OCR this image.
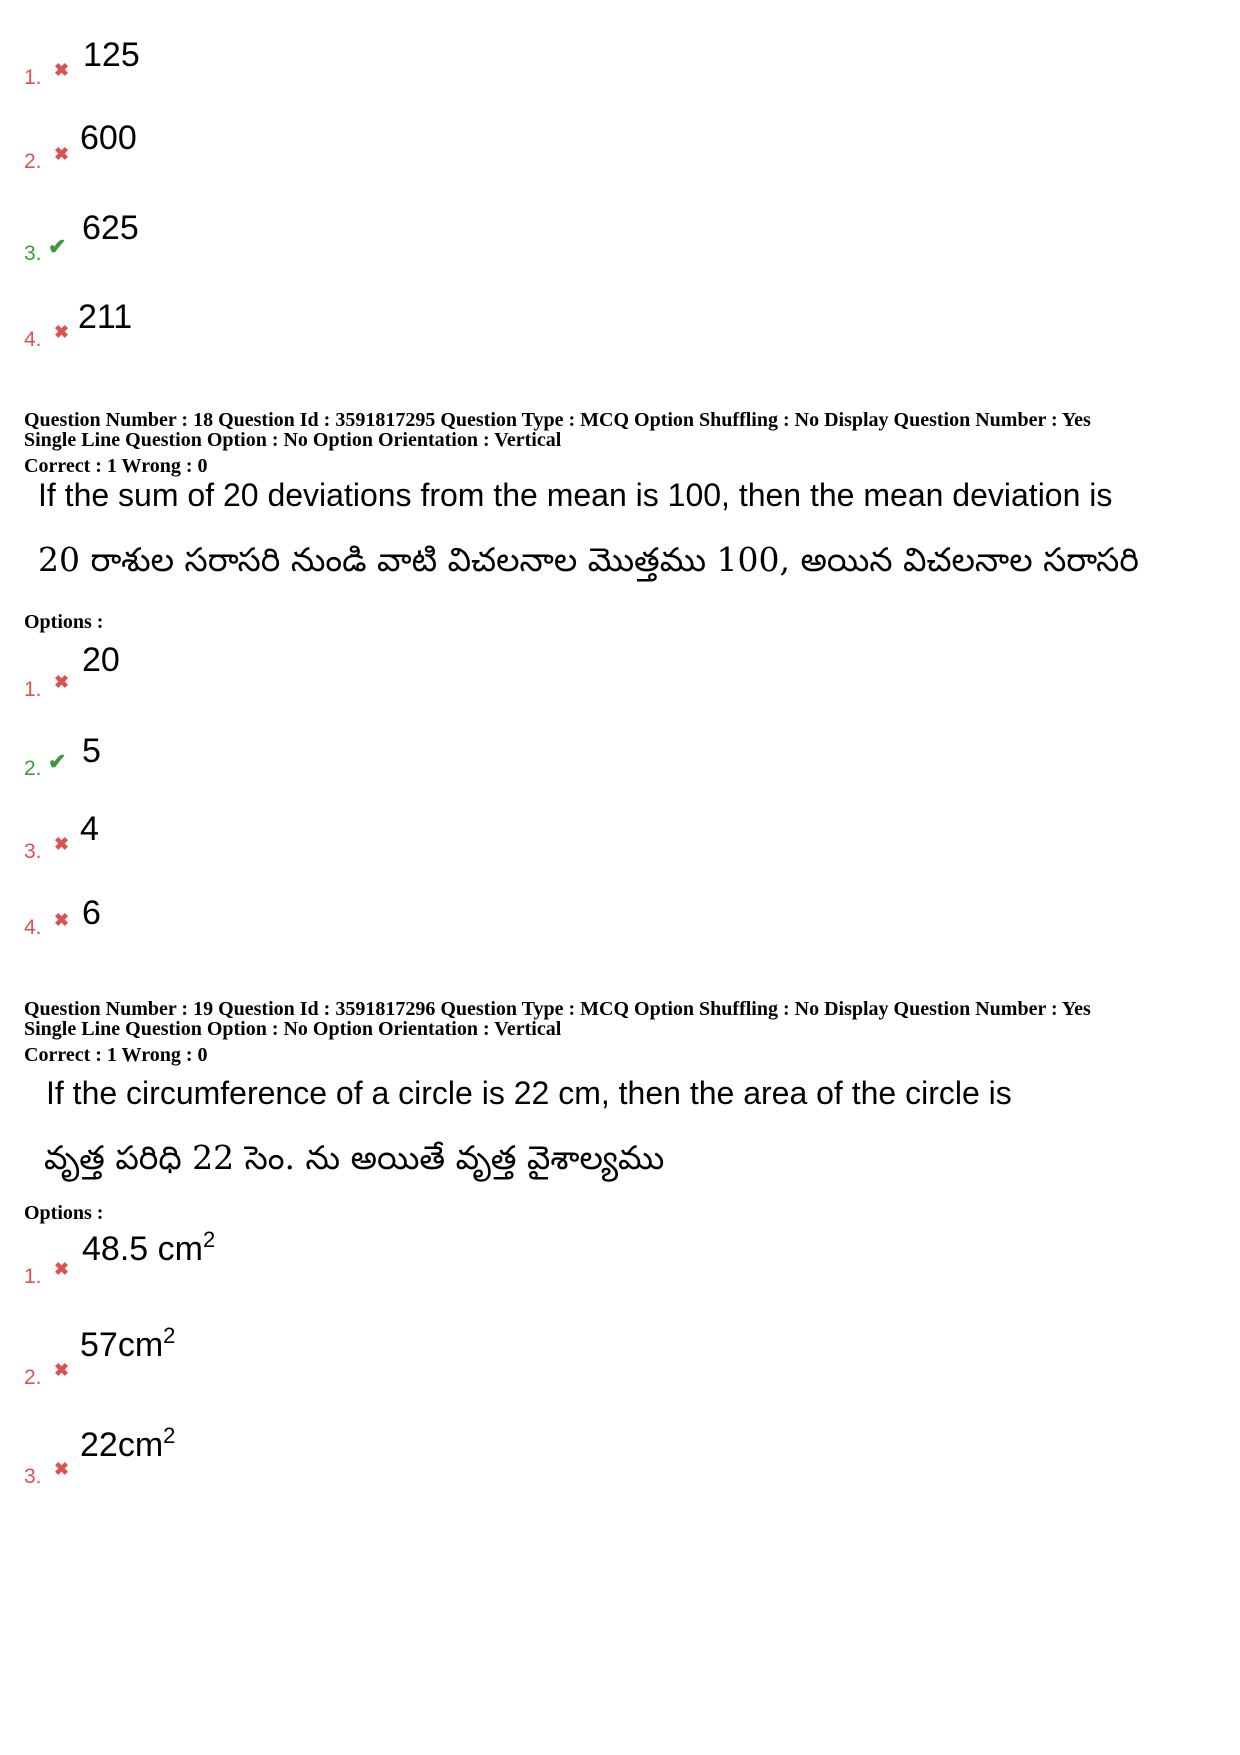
1. ✖ 125
2. ✖ 600
3. ✔ 625
4. ✖ 211
Question Number : 18 Question Id : 3591817295 Question Type : MCQ Option Shuffling : No Display Question Number : Yes
Single Line Question Option : No Option Orientation : Vertical
Correct : 1 Wrong : 0
If the sum of 20 deviations from the mean is 100, then the mean deviation is
20 రాశుల సరాసరి నుండి వాటి విచలనాల మొత్తము 100, అయిన విచలనాల సరాసరి
Options :
1. ✖
20
2. ✔ 5
3. ✖ 4
4. ✖ 6
Question Number : 19 Question Id : 3591817296 Question Type : MCQ Option Shuffling : No Display Question Number : Yes
Single Line Question Option : No Option Orientation : Vertical
Correct : 1 Wrong : 0
If the circumference of a circle is 22 cm, then the area of the circle is
వృత్త పరిధి 22 సెం. ను అయితే వృత్త వైశాల్యము
Options :
1. ✖
48.5 $cm^2$
2. ✖
$57cm^2$
3. ✖
$22cm^2$
